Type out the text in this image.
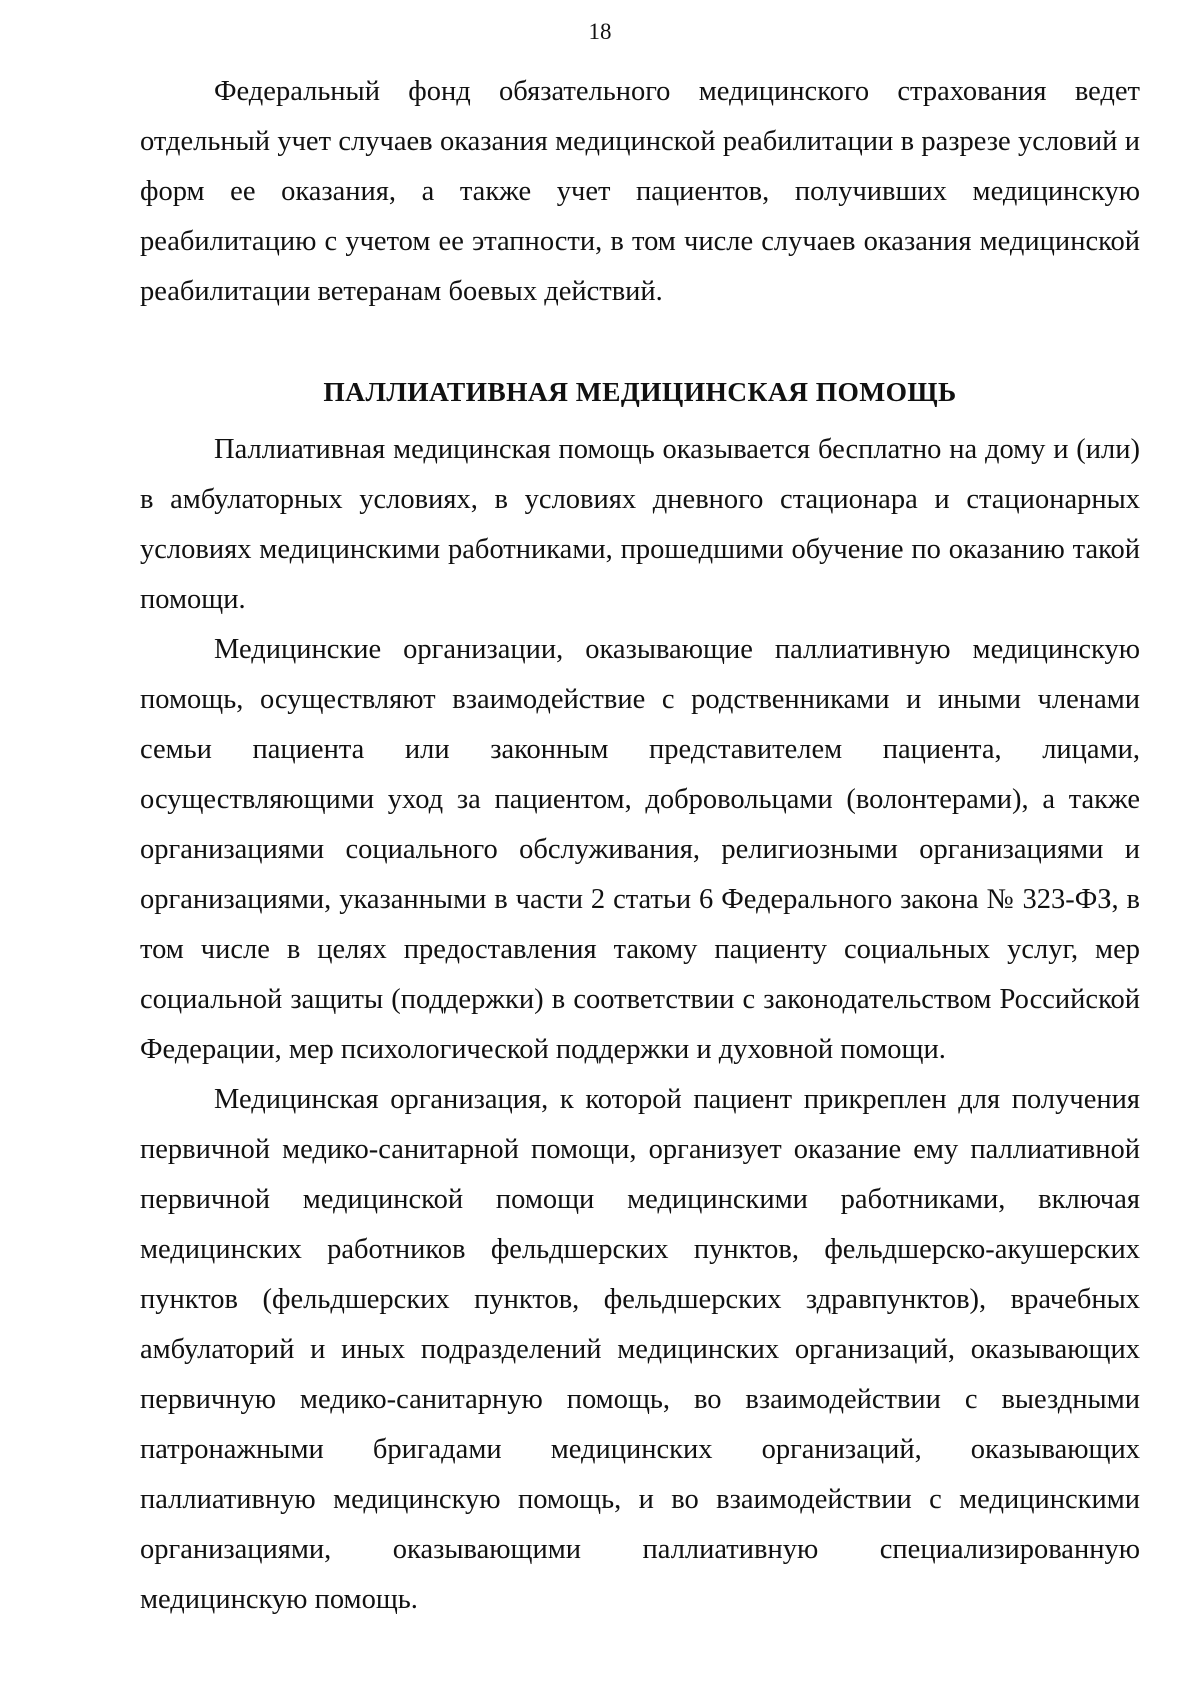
18

Федеральный фонд обязательного медицинского страхования ведет отдельный учет случаев оказания медицинской реабилитации в разрезе условий и форм ее оказания, а также учет пациентов, получивших медицинскую реабилитацию с учетом ее этапности, в том числе случаев оказания медицинской реабилитации ветеранам боевых действий.

ПАЛЛИАТИВНАЯ МЕДИЦИНСКАЯ ПОМОЩЬ

Паллиативная медицинская помощь оказывается бесплатно на дому и (или) в амбулаторных условиях, в условиях дневного стационара и стационарных условиях медицинскими работниками, прошедшими обучение по оказанию такой помощи.

Медицинские организации, оказывающие паллиативную медицинскую помощь, осуществляют взаимодействие с родственниками и иными членами семьи пациента или законным представителем пациента, лицами, осуществляющими уход за пациентом, добровольцами (волонтерами), а также организациями социального обслуживания, религиозными организациями и организациями, указанными в части 2 статьи 6 Федерального закона № 323-ФЗ, в том числе в целях предоставления такому пациенту социальных услуг, мер социальной защиты (поддержки) в соответствии с законодательством Российской Федерации, мер психологической поддержки и духовной помощи.

Медицинская организация, к которой пациент прикреплен для получения первичной медико-санитарной помощи, организует оказание ему паллиативной первичной медицинской помощи медицинскими работниками, включая медицинских работников фельдшерских пунктов, фельдшерско-акушерских пунктов (фельдшерских пунктов, фельдшерских здравпунктов), врачебных амбулаторий и иных подразделений медицинских организаций, оказывающих первичную медико-санитарную помощь, во взаимодействии с выездными патронажными бригадами медицинских организаций, оказывающих паллиативную медицинскую помощь, и во взаимодействии с медицинскими организациями, оказывающими паллиативную специализированную медицинскую помощь.
